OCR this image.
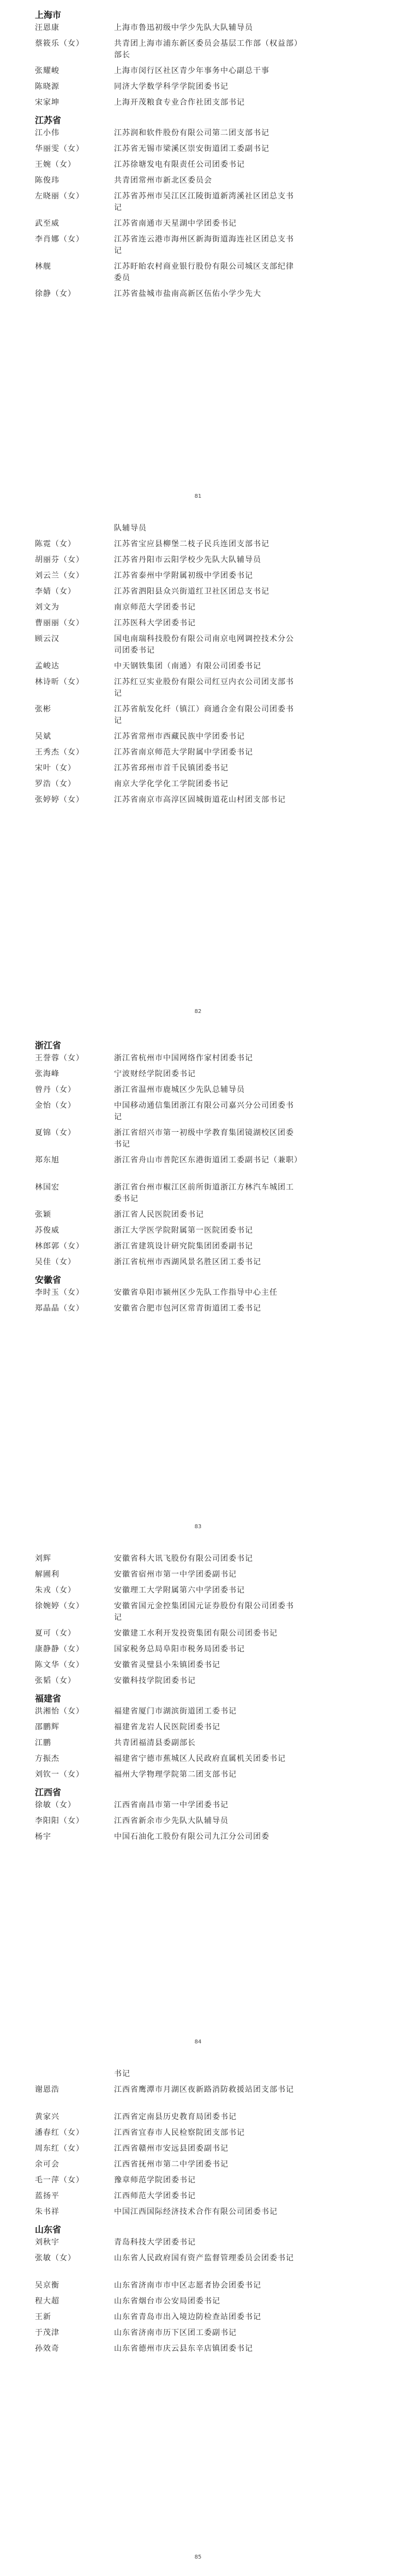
上海市
汪恩康	上海市鲁迅初级中学少先队大队辅导员
蔡筱乐（女）	共青团上海市浦东新区委员会基层工作部（权益部）部长
张耀峻	上海市闵行区社区青少年事务中心副总干事
陈晓源	同济大学数学科学学院团委书记
宋家坤	上海开茂粮食专业合作社团支部书记
江苏省
江小伟	江苏润和软件股份有限公司第二团支部书记
华丽雯（女）	江苏省无锡市梁溪区崇安街道团工委副书记
王婉（女）	江苏徐塘发电有限责任公司团委书记
陈俊玮	共青团常州市新北区委员会
左晓丽（女）	江苏省苏州市吴江区江陵街道新湾溪社区团总支书记
武至威	江苏省南通市天星湖中学团委书记
李肖娜（女）	江苏省连云港市海州区新海街道海连社区团总支书记
林舰	江苏盱眙农村商业银行股份有限公司城区支部纪律委员
徐静（女）	江苏省盐城市盐南高新区伍佑小学少先大
81
队辅导员
陈霓（女）	江苏省宝应县柳堡二枝子民兵连团支部书记
胡丽芬（女）	江苏省丹阳市云阳学校少先队大队辅导员
刘云兰（女）	江苏省泰州中学附属初级中学团委书记
李婧（女）	江苏省泗阳县众兴街道红卫社区团总支书记
刘文为	南京师范大学团委书记
曹丽丽（女）	江苏医科大学团委书记
顾云汉	国电南瑞科技股份有限公司南京电网调控技术分公司团委书记
孟峻达	中天钢铁集团（南通）有限公司团委书记
林诗昕（女）	江苏红豆实业股份有限公司红豆内衣公司团支部书记
张彬	江苏省航发化纤（镇江）商通合金有限公司团委书记
吴斌	江苏省常州市西藏民族中学团委书记
王秀杰（女）	江苏省南京师范大学附属中学团委书记
宋叶（女）	江苏省邳州市首千民镇团委书记
罗浩（女）	南京大学化学化工学院团委书记
张婷婷（女）	江苏省南京市高淳区固城街道花山村团支部书记
82
浙江省
王誉蓉（女）	浙江省杭州市中国网络作家村团委书记
张海峰	宁波财经学院团委书记
曾丹（女）	浙江省温州市鹿城区少先队总辅导员
金怡（女）	中国移动通信集团浙江有限公司嘉兴分公司团委书记
夏锦（女）	浙江省绍兴市第一初级中学教育集团镜湖校区团委书记
郑东旭	浙江省舟山市普陀区东港街道团工委副书记（兼职）
林国宏	浙江省台州市椒江区前所街道浙江方林汽车城团工委书记
张颖	浙江省人民医院团委书记
苏俊威	浙江大学医学院附属第一医院团委书记
林郎郭（女）	浙江省建筑设计研究院集团团委副书记
吴佳（女）	浙江省杭州市西湖风景名胜区团工委书记
安徽省
李时玉（女）	安徽省阜阳市颍州区少先队工作指导中心主任
郑晶晶（女）	安徽省合肥市包河区常青街道团工委书记
83
刘辉	安徽省科大讯飞股份有限公司团委书记
解圃利	安徽省宿州市第一中学团委副书记
朱戎（女）	安徽理工大学附属第六中学团委书记
徐婉婷（女）	安徽省国元金控集团国元证券股份有限公司团委书记
夏可（女）	安徽建工水利开发投资集团有限公司团委书记
康静静（女）	国家税务总局阜阳市税务局团委书记
陈文华（女）	安徽省灵璧县小朱镇团委书记
张韬（女）	安徽科技学院团委书记
福建省
洪湘怡（女）	福建省厦门市湖滨街道团工委书记
邵鹏辉	福建省龙岩人民医院团委书记
江鹏	共青团福清县委副部长
方振杰	福建省宁德市蕉城区人民政府直属机关团委书记
刘钦一（女）	福州大学物理学院第二团支部书记
江西省
徐敏（女）	江西省南昌市第一中学团委书记
李阳阳（女）	江西省新余市少先队大队辅导员
杨宇	中国石油化工股份有限公司九江分公司团委
84
书记
谢恩浩	江西省鹰潭市月湖区夜新路消防救援站团支部书记
黄家兴	江西省定南县历史教育局团委书记
潘春红（女）	江西省宜春市人民检察院团支部书记
周东红（女）	江西省赣州市安远县团委副书记
余可会	江西省抚州市第二中学团委书记
毛一萍（女）	豫章师范学院团委书记
蓝扬平	江西师范大学团委书记
朱书祥	中国江西国际经济技术合作有限公司团委书记
山东省
刘秋宇	青岛科技大学团委书记
张敏（女）	山东省人民政府国有资产监督管理委员会团委书记
吴京衡	山东省济南市市中区志愿者协会团委书记
程大超	山东省烟台市公安局团委书记
王新	山东省青岛市出入境边防检查站团委书记
于茂津	山东省济南市历下区团工委副书记
孙效奇	山东省德州市庆云县东辛店镇团委书记
85
